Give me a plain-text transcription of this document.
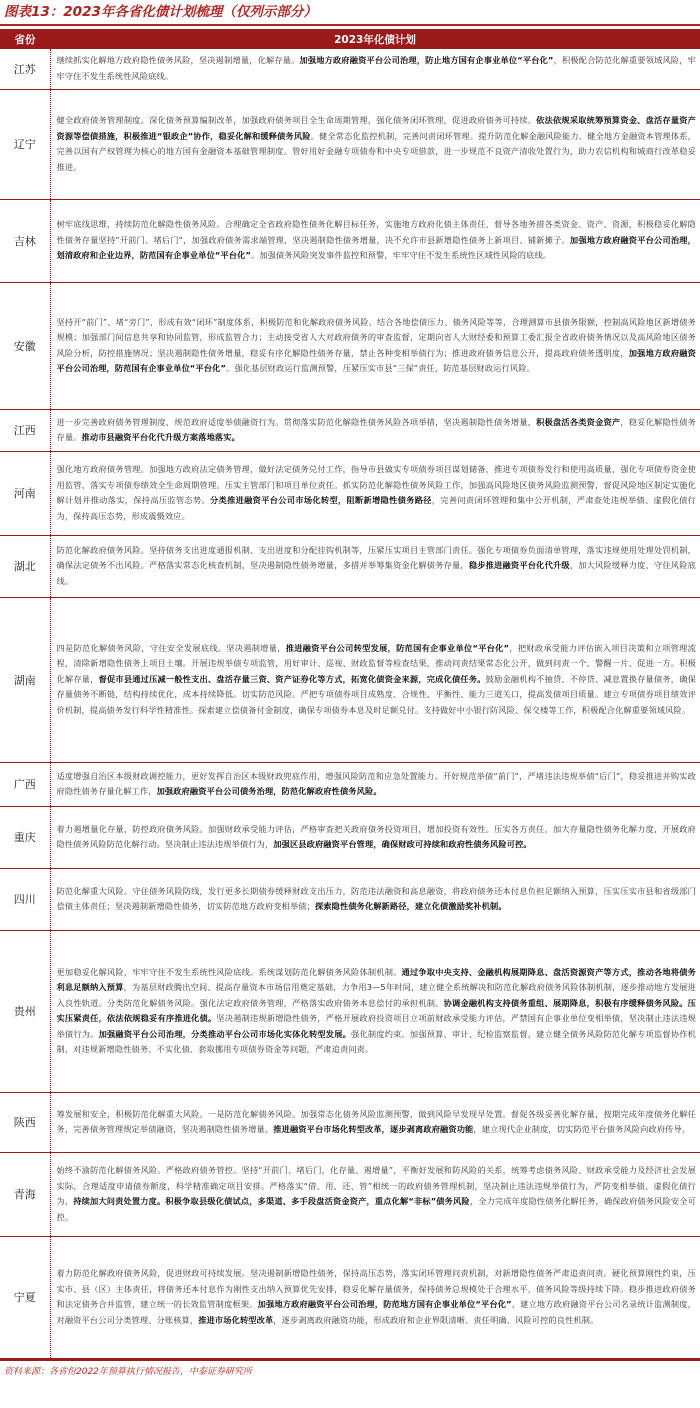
图表13：2023年各省化债计划梳理（仅列示部分）
省份	2023年化债计划
江苏	继续抓实化解地方政府隐性债务风险，坚决遏制增量，化解存量。加强地方政府融资平台公司治理，防止地方国有企事业单位“平台化”，积极配合防范化解重要领域风险，牢牢守住不发生系统性风险底线。
辽宁	健全政府债务管理制度。深化债务预算编制改革，加强政府债务项目全生命周期管理，强化债务闭环管理，促进政府债务可持续。依法依规采取统筹预算资金、盘活存量资产资源等偿债措施，积极推进“银政企”协作，稳妥化解和缓释债务风险。健全常态化监控机制，完善问责闭环管理。提升防范化解金融风险能力。健全地方金融资本管理体系，完善以国有产权管理为核心的地方国有金融资本基础管理制度。管好用好金融专项债券和中央专项借款，进一步规范不良资产清收处置行为，助力农信机构和城商行改革稳妥推进。
吉林	树牢底线思维，持续防范化解隐性债务风险。合理确定全省政府隐性债务化解目标任务，实施地方政府化债主体责任，督导各地务措各类资金、资产、资源，积极稳妥化解隐性债务存量坚持“开前门、堵后门”，加强政府债务需求端管理，坚决遏制隐性债务增量，决不允许市县新增隐性债务上新项目、铺新摊子。加强地方政府融资平台公司治理，划清政府和企业边界，防范国有企事业单位“平台化”。加强债务风险突发事件监控和预警，牢牢守住不发生系统性区域性风险的底线。
安徽	坚持开“前门”、堵“旁门”，形成有效“闭环”制度体系，积极防范和化解政府债务风险。结合各地偿债压力、债务风险等等，合理测算市县债务限额，控制高风险地区新增债务规模；加强部门间信息共享和协同监管，形成监管合力；主动接受省人大对政府债务的审查监督，定期向省人大财经委和预算工委汇报全省政府债务情况以及高风险地区债务风险分析，防控措施情况；坚决遏制隐性债务增量，稳妥有序化解隐性债务存量，禁止各种变相举债行为；推进政府债务信息公开，提高政府债务透明度，加强地方政府融资平台公司治理，防范国有企事业单位“平台化”。强化基层财政运行监测预警，压紧压实市县“三保”责任，防范基层财政运行风险。
江西	进一步完善政府债务管理制度，规范政府适度举债融资行为。贯彻落实防范化解隐性债务风险各项举措，坚决遏制隐性债务增量，积极盘活各类资金资产，稳妥化解隐性债务存量。推动市县融资平台化代升级方案落地落实。
河南	强化地方政府债务管理。加强地方政府法定债务管理，做好法定债务兑付工作，指导市县做实专项债券项目谋划储备，推进专项债券发行和使用高质量，强化专项债券资金使用监管，落实专项债券绩效全生命周期管理。压实主管部门和项目单位责任。抓实防范化解隐性债务风险工作，加强高风险地区债务风险监测预警，督促风险地区制定实施化解计划并推动落实，保持高压监管态势。分类推进融资平台公司市场化转型，阻断新增隐性债务路径，完善问责闭环管理和集中公开机制，严肃查处违规举债、虚假化债行为，保持高压态势，形成震慑效应。
湖北	防范化解政府债务风险。坚持债务支出进度通报机制、支出进度和分配挂钩机制等，压紧压实项目主管部门责任。强化专项债券负面清单管理，落实违规使用处理处罚机制，确保法定债务不出风险。严格落实常态化核查机制，坚决遏制隐性债务增量，多措并举筹集资金化解债务存量，稳步推进融资平台化代升级，加大风险缓释力度，守住风险底线。
湖南	四是防范化解债务风险，守住安全发展底线。坚决遏制增量，推进融资平台公司转型发展，防范国有企事业单位“平台化”，把财政承受能力评估嵌入项目决策和立项管理流程，清除新增隐性债务上项目土壤。开展违规举债专项监管，用好审计、巡视、财政监督等检查结果，推动问责结果常态化公开，做到问责一个、警醒一片、促进一方。积极化解存量，督促市县通过压减一般性支出、盘活存量三资、资产证券化等方式，拓宽化债资金来源，完成化债任务。鼓励金融机构不抽贷、不停贷、减息置换存量债务，确保存量债务不断链，结构持续优化，成本持续降低。切实防范风险。严把专项债券项目成熟度、合规性、平衡性、能力三道关口，提高发债项目质量。建立专项债券项目绩效评价机制，提高债务发行科学性精准性。探索建立偿债备付金制度，确保专项债券本息及时足额兑付。支持做好中小银行防风险、保交楼等工作，积极配合化解重要领域风险。
广西	适度增强自治区本级财政调控能力，更好发挥自治区本级财政兜底作用，增强风险防范和应急处置能力。开好规范举债“前门”，严堵违法违规举债“后门”，稳妥推进并购实政府隐性债务存量化解工作，加强政府融资平台公司债务治理，防范化解政府性债务风险。
重庆	着力遏增量化存量，防控政府债务风险。加强财政承受能力评估，严格审查把关政府债务投资项目，增加投资有效性。压实各方责任，加大存量隐性债务化解力度，开展政府隐性债务风险防范化解行动。坚决制止违法违规举债行为，加强区县政府融资平台管理，确保财政可持续和政府性债务风险可控。
四川	防范化解重大风险。守住债务风险防线，发行更多长期债券缓释财政支出压力，防范违法融资和高息融资，将政府债务还本付息负担足额纳入预算，压实压实市县和省级部门偿债主体责任；坚决遏制新增隐性债务，切实防范地方政府变相举债；探索隐性债务化解新路径，建立化债激励奖补机制。
贵州	更加稳妥化解风险，牢牢守住不发生系统性风险底线。系统谋划防范化解债务风险体制机制。通过争取中央支持、金融机构展期降息、盘活资源资产等方式，推动各地将债务利息足额纳入预算，为基层财政腾出空间、提高存量资本市场信用奠定基础，力争用3—5年时间，建立健全系统解决和防范化解政府债务风险体制机制，逐步推动地方发展进入良性轨道。分类防范化解债务风险。强化法定政府债务管理，严格落实政府债务本息偿付的承担机制。协调金融机构支持债务重组、展期降息，积极有序缓释债务风险。压实压紧责任，依法依规稳妥有序推进化债。坚决遏制违规新增隐性债务，严格开展政府投资项目立项前财政承受能力评估，严禁国有企事业单位变相举债，坚决制止违法违规举债行为。加强融资平台公司治理，分类推动平台公司市场化实体化转型发展。强化制度约束。加强预算、审计、纪检监察监督，建立健全债务风险防范化解专项监督协作机制，对违规新增隐性债务、不实化债、套取挪用专项债券资金等问题，严肃追责问责。
陕西	筹发展和安全，积极防范化解重大风险。一是防范化解债务风险。加强常态化债务风险监测预警，做到风险早发现早处置。督促各级妥善化解存量，按期完成年度债务化解任务，完善债务管理规定举债融资，坚决遏制隐性债务增量。推进融资平台市场化转型改革，逐步剥离政府融资功能，建立现代企业制度，切实防范平台债务风险向政府传导。
青海	始终不渝防范化解债务风险。严格政府债务管控。坚持“开前门、堵后门，化存量、遏增量”，平衡好发展和防风险的关系，统筹考虑债务风险、财政承受能力及经济社会发展实际，合理适度申请债券额度，科学精准确定项目安排。严格落实“借、用、还、管”相统一的政府债务管理机制，坚决制止违法违规举债行为，严防变相举债、虚假化债行为，持续加大问责处置力度。积极争取县级化债试点，多渠道、多手段盘活资金资产，重点化解“非标”债务风险，全力完成年度隐性债务化解任务，确保政府债务风险安全可控。
宁夏	着力防范化解政府债务风险，促进财政可持续发展。坚决遏制新增隐性债务，保持高压态势，落实闭环管理问责机制，对新增隐性债务严肃追责问责。硬化预算刚性约束，压实市、县（区）主体责任，将债务还本付息作为刚性支出纳入预算优先安排，稳妥化解存量债务，保持债务总规模处于合理水平，债务风险等级持续下降。稳步推进政府债务和法定债务合并监管，建立统一的长效监管制度框架。加强地方政府融资平台公司治理，防范地方国有企事业单位“平台化”，建立地方政府融资平台公司名录统计监测制度，对融资平台公司分类管理、分账核算，推进市场化转型改革，逐步剥离政府融资功能，形成政府和企业界限清晰、责任明确、风险可控的良性机制。
资料来源：各省份2022年预算执行情况报告，中泰证券研究所
